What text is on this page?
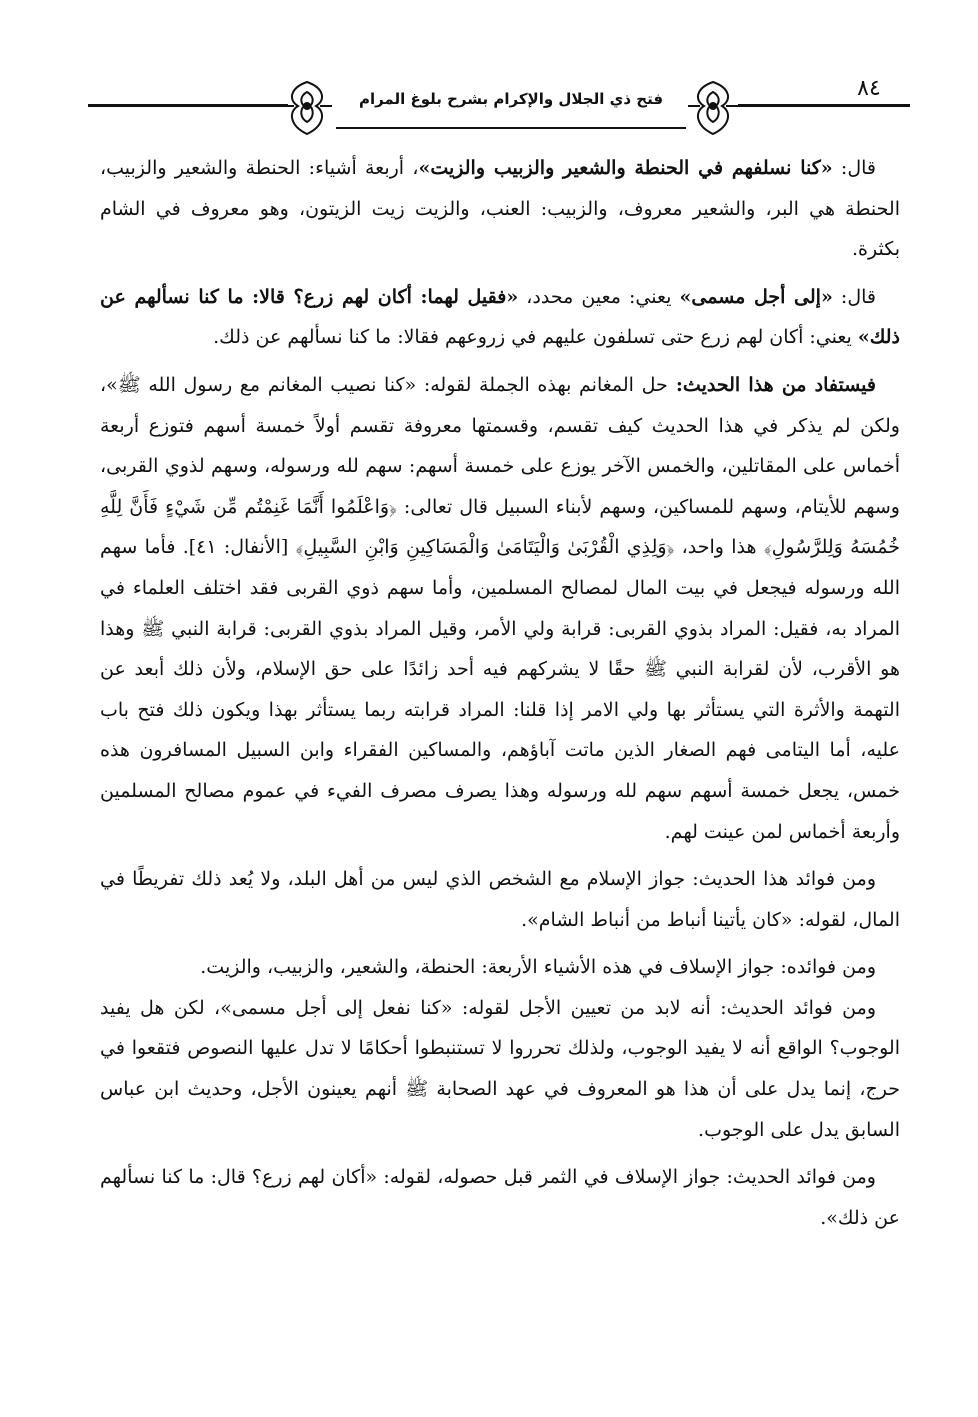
فتح ذي الجلال والإكرام بشرح بلوغ المرام	٨٤

قال: «كنا نسلفهم في الحنطة والشعير والزبيب والزيت»، أربعة أشياء: الحنطة والشعير والزبيب، الحنطة هي البر، والشعير معروف، والزبيب: العنب، والزيت زيت الزيتون، وهو معروف في الشام بكثرة.

قال: «إلى أجل مسمى» يعني: معين محدد، «فقيل لهما: أكان لهم زرع؟ قالا: ما كنا نسألهم عن ذلك» يعني: أكان لهم زرع حتى تسلفون عليهم في زروعهم فقالا: ما كنا نسألهم عن ذلك.

فيستفاد من هذا الحديث: حل المغانم بهذه الجملة لقوله: «كنا نصيب المغانم مع رسول الله ﷺ»، ولكن لم يذكر في هذا الحديث كيف تقسم، وقسمتها معروفة تقسم أولاً خمسة أسهم فتوزع أربعة أخماس على المقاتلين، والخمس الآخر يوزع على خمسة أسهم: سهم لله ورسوله، وسهم لذوي القربى، وسهم للأيتام، وسهم للمساكين، وسهم لأبناء السبيل قال تعالى: ﴿وَاعْلَمُوا أَنَّمَا غَنِمْتُم مِّن شَيْءٍ فَأَنَّ لِلَّهِ خُمُسَهُ وَلِلرَّسُولِ﴾ هذا واحد، ﴿وَلِذِي الْقُرْبَىٰ وَالْيَتَامَىٰ وَالْمَسَاكِينِ وَابْنِ السَّبِيلِ﴾ [الأنفال: ٤١]. فأما سهم الله ورسوله فيجعل في بيت المال لمصالح المسلمين، وأما سهم ذوي القربى فقد اختلف العلماء في المراد به، فقيل: المراد بذوي القربى: قرابة ولي الأمر، وقيل المراد بذوي القربى: قرابة النبي ﷺ وهذا هو الأقرب، لأن لقرابة النبي ﷺ حقًا لا يشركهم فيه أحد زائدًا على حق الإسلام، ولأن ذلك أبعد عن التهمة والأثرة التي يستأثر بها ولي الامر إذا قلنا: المراد قرابته ربما يستأثر بهذا ويكون ذلك فتح باب عليه، أما اليتامى فهم الصغار الذين ماتت آباؤهم، والمساكين الفقراء وابن السبيل المسافرون هذه خمس، يجعل خمسة أسهم سهم لله ورسوله وهذا يصرف مصرف الفيء في عموم مصالح المسلمين وأربعة أخماس لمن عينت لهم.

ومن فوائد هذا الحديث: جواز الإسلام مع الشخص الذي ليس من أهل البلد، ولا يُعد ذلك تفريطًا في المال، لقوله: «كان يأتينا أنباط من أنباط الشام».

ومن فوائده: جواز الإسلاف في هذه الأشياء الأربعة: الحنطة، والشعير، والزبيب، والزيت.

ومن فوائد الحديث: أنه لابد من تعيين الأجل لقوله: «كنا نفعل إلى أجل مسمى»، لكن هل يفيد الوجوب؟ الواقع أنه لا يفيد الوجوب، ولذلك تحرروا لا تستنبطوا أحكامًا لا تدل عليها النصوص فتقعوا في حرج، إنما يدل على أن هذا هو المعروف في عهد الصحابة ﷺ أنهم يعينون الأجل، وحديث ابن عباس السابق يدل على الوجوب.

ومن فوائد الحديث: جواز الإسلاف في الثمر قبل حصوله، لقوله: «أكان لهم زرع؟ قال: ما كنا نسألهم عن ذلك».
